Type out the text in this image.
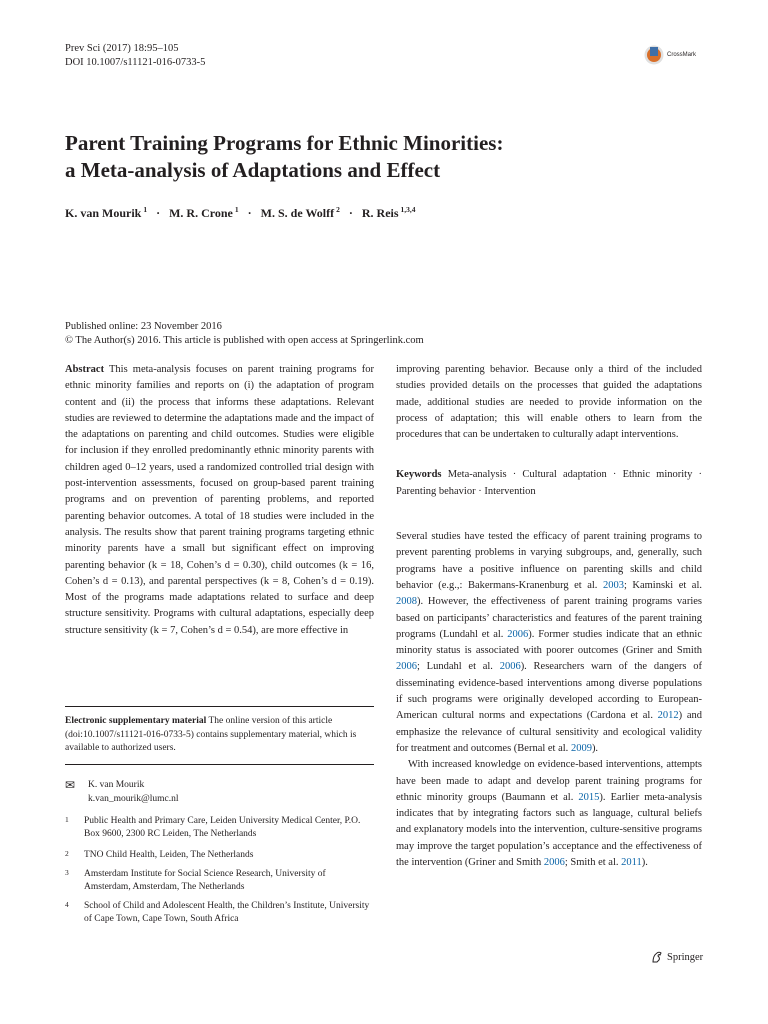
Prev Sci (2017) 18:95–105
DOI 10.1007/s11121-016-0733-5
CrossMark
Parent Training Programs for Ethnic Minorities:
a Meta-analysis of Adaptations and Effect
K. van Mourik $^1$ · M. R. Crone $^1$ · M. S. de Wolff $^2$ · R. Reis $^{1,3,4}$
Published online: 23 November 2016
© The Author(s) 2016. This article is published with open access at Springerlink.com

Abstract This meta-analysis focuses on parent training programs for ethnic minority families and reports on (i) the adaptation of program content and (ii) the process that informs these adaptations. Relevant studies are reviewed to determine the adaptations made and the impact of the adaptations on parenting and child outcomes. Studies were eligible for inclusion if they enrolled predominantly ethnic minority parents with children aged 0–12 years, used a randomized controlled trial design with post-intervention assessments, focused on group-based parent training programs and on prevention of parenting problems, and reported parenting behavior outcomes. A total of 18 studies were included in the analysis. The results show that parent training programs targeting ethnic minority parents have a small but significant effect on improving parenting behavior (k = 18, Cohen’s d = 0.30), child outcomes (k = 16, Cohen’s d = 0.13), and parental perspectives (k = 8, Cohen’s d = 0.19). Most of the programs made adaptations related to surface and deep structure sensitivity. Programs with cultural adaptations, especially deep structure sensitivity (k = 7, Cohen’s d = 0.54), are more effective in

Electronic supplementary material The online version of this article (doi:10.1007/s11121-016-0733-5) contains supplementary material, which is available to authorized users.
✉ K. van Mourik
k.van_mourik@lumc.nl
1	Public Health and Primary Care, Leiden University Medical Center, P.O. Box 9600, 2300 RC Leiden, The Netherlands
2	TNO Child Health, Leiden, The Netherlands
3	Amsterdam Institute for Social Science Research, University of Amsterdam, Amsterdam, The Netherlands
4	School of Child and Adolescent Health, the Children’s Institute, University of Cape Town, Cape Town, South Africa

improving parenting behavior. Because only a third of the included studies provided details on the processes that guided the adaptations made, additional studies are needed to provide information on the process of adaptation; this will enable others to learn from the procedures that can be undertaken to culturally adapt interventions.

Keywords Meta-analysis · Cultural adaptation · Ethnic minority · Parenting behavior · Intervention

Several studies have tested the efficacy of parent training programs to prevent parenting problems in varying subgroups, and, generally, such programs have a positive influence on parenting skills and child behavior (e.g.,: Bakermans-Kranenburg et al. 2003; Kaminski et al. 2008). However, the effectiveness of parent training programs varies based on participants’ characteristics and features of the parent training programs (Lundahl et al. 2006). Former studies indicate that an ethnic minority status is associated with poorer outcomes (Griner and Smith 2006; Lundahl et al. 2006). Researchers warn of the dangers of disseminating evidence-based interventions among diverse populations if such programs were originally developed according to European-American cultural norms and expectations (Cardona et al. 2012) and emphasize the relevance of cultural sensitivity and ecological validity for treatment and outcomes (Bernal et al. 2009).

With increased knowledge on evidence-based interventions, attempts have been made to adapt and develop parent training programs for ethnic minority groups (Baumann et al. 2015). Earlier meta-analysis indicates that by integrating factors such as language, cultural beliefs and explanatory models into the intervention, culture-sensitive programs may improve the target population’s acceptance and the effectiveness of the intervention (Griner and Smith 2006; Smith et al. 2011).

Springer
